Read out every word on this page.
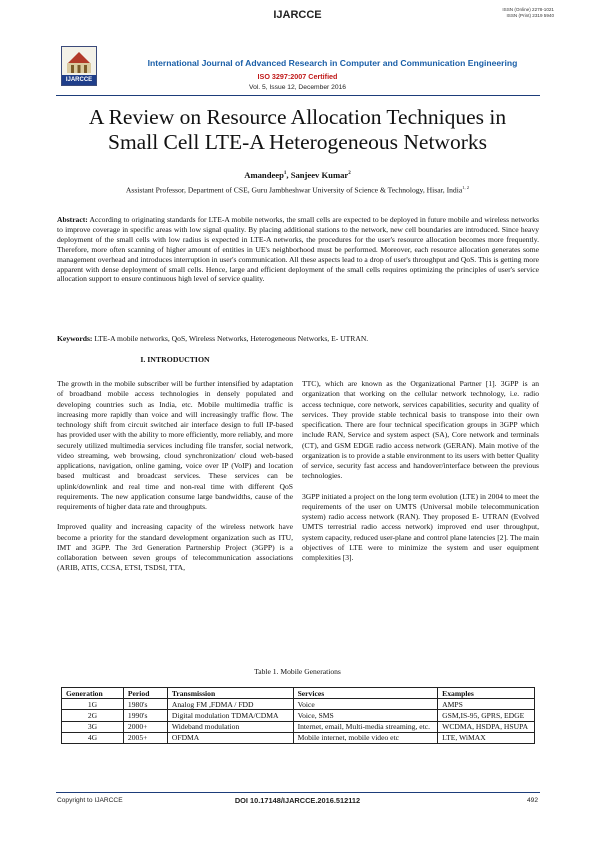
IJARCCE	ISSN (Online) 2278-1021
ISSN (Print) 2319 5940
IJARCCE
International Journal of Advanced Research in Computer and Communication Engineering
ISO 3297:2007 Certified
Vol. 5, Issue 12, December 2016
A Review on Resource Allocation Techniques in
Small Cell LTE-A Heterogeneous Networks
Amandeep$^1$, Sanjeev Kumar$^2$
Assistant Professor, Department of CSE, Guru Jambheshwar University of Science & Technology, Hisar, India$^{1, 2}$
Abstract: According to originating standards for LTE-A mobile networks, the small cells are expected to be deployed in future mobile and wireless networks to improve coverage in specific areas with low signal quality. By placing additional stations to the network, new cell boundaries are introduced. Since heavy deployment of the small cells with low radius is expected in LTE-A networks, the procedures for the user's resource allocation becomes more frequently. Therefore, more often scanning of higher amount of entities in UE's neighborhood must be performed. Moreover, each resource allocation generates some management overhead and introduces interruption in user's communication. All these aspects lead to a drop of user's throughput and QoS. This is getting more apparent with dense deployment of small cells. Hence, large and efficient deployment of the small cells requires optimizing the principles of user's service allocation support to ensure continuous high level of service quality.
Keywords: LTE-A mobile networks, QoS, Wireless Networks, Heterogeneous Networks, E- UTRAN.
I. INTRODUCTION

The growth in the mobile subscriber will be further intensified by adaptation of broadband mobile access technologies in densely populated and developing countries such as India, etc. Mobile multimedia traffic is increasing more rapidly than voice and will increasingly traffic flow. The technology shift from circuit switched air interface design to full IP-based has provided user with the ability to more efficiently, more reliably, and more securely utilized multimedia services including file transfer, social network, video streaming, web browsing, cloud synchronization/ cloud web-based applications, navigation, online gaming, voice over IP (VoIP) and location based multicast and broadcast services. These services can be uplink/downlink and real time and non-real time with different QoS requirements. The new application consume large bandwidths, cause of the requirements of higher data rate and throughputs.

Improved quality and increasing capacity of the wireless network have become a priority for the standard development organization such as ITU, IMT and 3GPP. The 3rd Generation Partnership Project (3GPP) is a collaboration between seven groups of telecommunication associations (ARIB, ATIS, CCSA, ETSI, TSDSI, TTA,

TTC), which are known as the Organizational Partner [1]. 3GPP is an organization that working on the cellular network technology, i.e. radio access technique, core network, services capabilities, security and quality of services. They provide stable technical basis to transpose into their own specification. There are four technical specification groups in 3GPP which include RAN, Service and system aspect (SA), Core network and terminals (CT), and GSM EDGE radio access network (GERAN). Main motive of the organization is to provide a stable environment to its users with better Quality of service, security fast access and handover/interface between the previous technologies.

3GPP initiated a project on the long term evolution (LTE) in 2004 to meet the requirements of the user on UMTS (Universal mobile telecommunication system) radio access network (RAN). They proposed E- UTRAN (Evolved UMTS terrestrial radio access network) improved end user throughput, system capacity, reduced user-plane and control plane latencies [2]. The main objectives of LTE were to minimize the system and user equipment complexities [3].

Table 1. Mobile Generations
Generation	Period	Transmission	Services	Examples
1G	1980's	Analog FM ,FDMA / FDD	Voice	AMPS
2G	1990's	Digital modulation TDMA/CDMA	Voice, SMS	GSM,IS-95, GPRS, EDGE
3G	2000+	Wideband modulation	Internet, email, Multi-media streaming, etc.	WCDMA, HSDPA, HSUPA
4G	2005+	OFDMA	Mobile internet, mobile video etc	LTE, WiMAX
Copyright to IJARCCE	DOI 10.17148/IJARCCE.2016.512112	492
